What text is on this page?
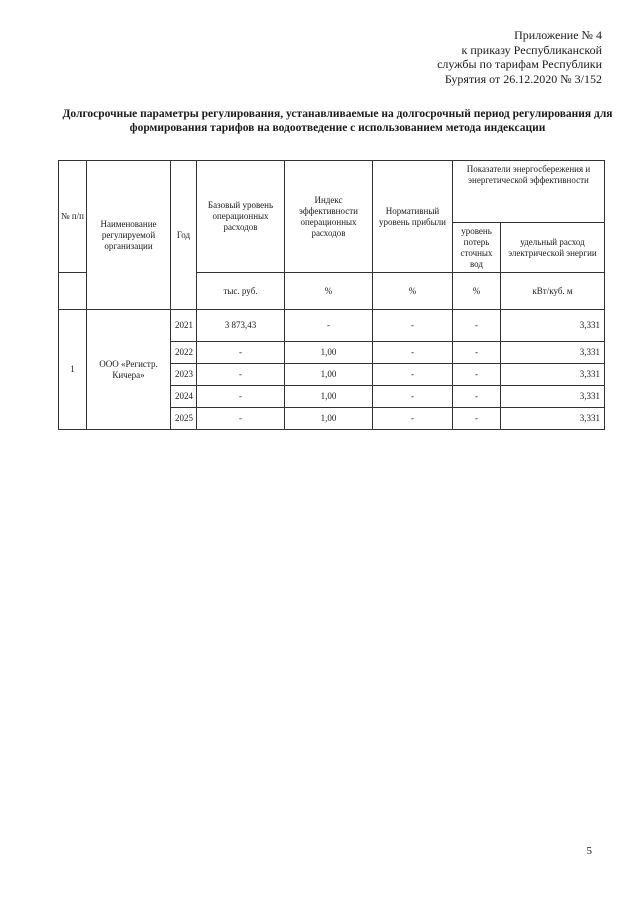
Приложение № 4
к приказу Республиканской
службы по тарифам Республики
Бурятия от 26.12.2020 № 3/152
Долгосрочные параметры регулирования, устанавливаемые на долгосрочный период регулирования для формирования тарифов на водоотведение с использованием метода индексации
№ п/п	Наименование регулируемой организации	Год	Базовый уровень операционных расходов	Индекс эффективности операционных расходов	Нормативный уровень прибыли	Показатели энергосбережения и энергетической эффективности	
						уровень потерь сточных вод	удельный расход электрической энергии
			тыс. руб.	%	%	%	кВт/куб. м
1	ООО «Регистр. Кичера»	2021	3 873,43	-	-	-	3,331
		2022	-	1,00	-	-	3,331
		2023	-	1,00	-	-	3,331
		2024	-	1,00	-	-	3,331
		2025	-	1,00	-	-	3,331
5
